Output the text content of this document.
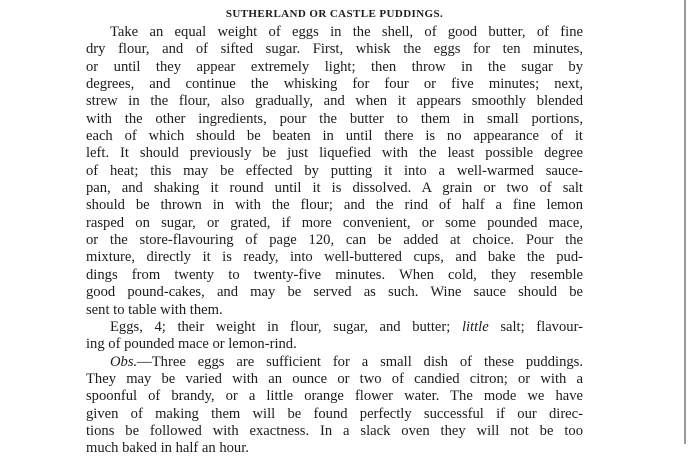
SUTHERLAND OR CASTLE PUDDINGS.
Take an equal weight of eggs in the shell, of good butter, of fine
dry flour, and of sifted sugar. First, whisk the eggs for ten minutes,
or until they appear extremely light; then throw in the sugar by
degrees, and continue the whisking for four or five minutes; next,
strew in the flour, also gradually, and when it appears smoothly blended
with the other ingredients, pour the butter to them in small portions,
each of which should be beaten in until there is no appearance of it
left. It should previously be just liquefied with the least possible degree
of heat; this may be effected by putting it into a well-warmed sauce-
pan, and shaking it round until it is dissolved. A grain or two of salt
should be thrown in with the flour; and the rind of half a fine lemon
rasped on sugar, or grated, if more convenient, or some pounded mace,
or the store-flavouring of page 120, can be added at choice. Pour the
mixture, directly it is ready, into well-buttered cups, and bake the pud-
dings from twenty to twenty-five minutes. When cold, they resemble
good pound-cakes, and may be served as such. Wine sauce should be
sent to table with them.
Eggs, 4; their weight in flour, sugar, and butter; little salt; flavour-
ing of pounded mace or lemon-rind.
Obs.—Three eggs are sufficient for a small dish of these puddings.
They may be varied with an ounce or two of candied citron; or with a
spoonful of brandy, or a little orange flower water. The mode we have
given of making them will be found perfectly successful if our direc-
tions be followed with exactness. In a slack oven they will not be too
much baked in half an hour.
